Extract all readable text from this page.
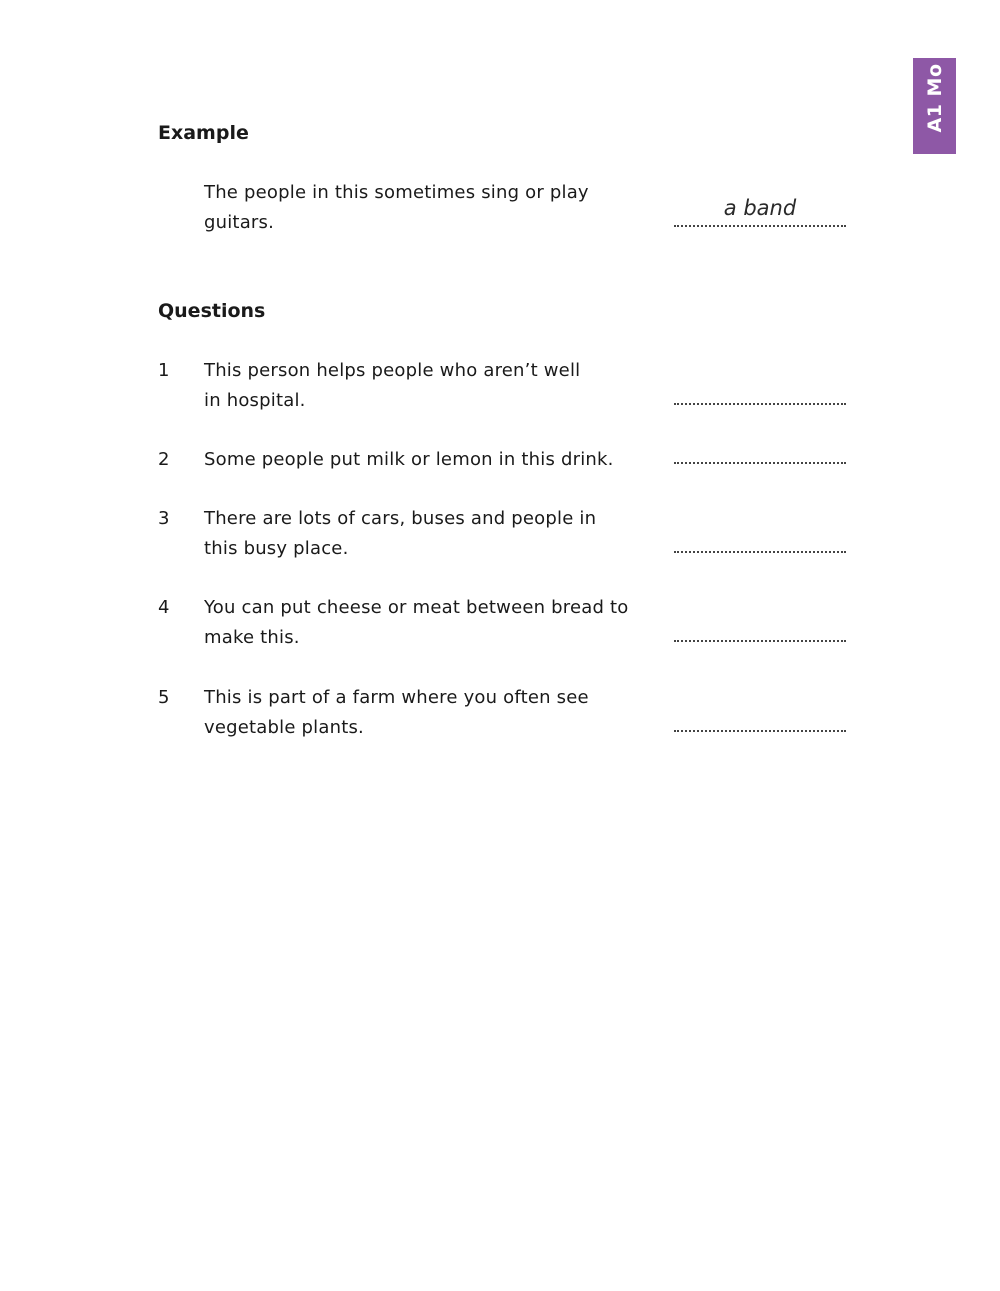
A1 Mo
Example
The people in this sometimes sing or play guitars.
a band
Questions
1 This person helps people who aren’t well in hospital.
2 Some people put milk or lemon in this drink.
3 There are lots of cars, buses and people in this busy place.
4 You can put cheese or meat between bread to make this.
5 This is part of a farm where you often see vegetable plants.
